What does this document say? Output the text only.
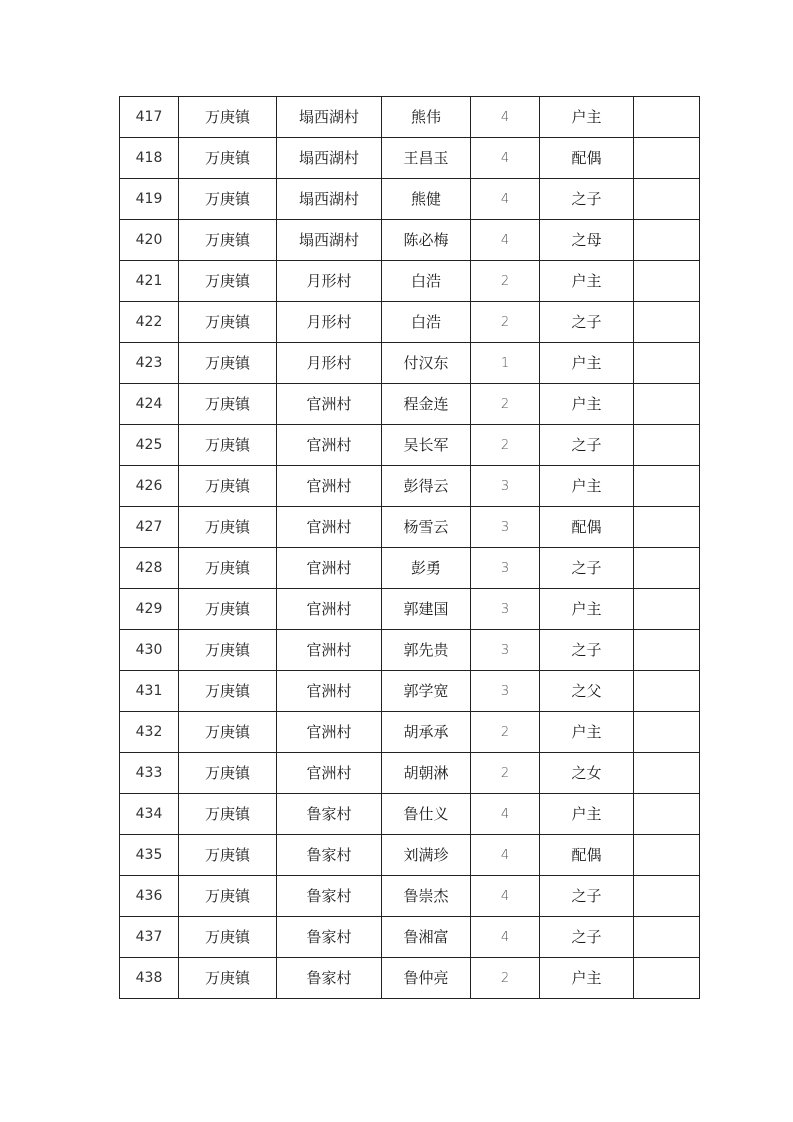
417	万庚镇	塌西湖村	熊伟	4	户主	
418	万庚镇	塌西湖村	王昌玉	4	配偶	
419	万庚镇	塌西湖村	熊健	4	之子	
420	万庚镇	塌西湖村	陈必梅	4	之母	
421	万庚镇	月形村	白浩	2	户主	
422	万庚镇	月形村	白浩	2	之子	
423	万庚镇	月形村	付汉东	1	户主	
424	万庚镇	官洲村	程金连	2	户主	
425	万庚镇	官洲村	吴长军	2	之子	
426	万庚镇	官洲村	彭得云	3	户主	
427	万庚镇	官洲村	杨雪云	3	配偶	
428	万庚镇	官洲村	彭勇	3	之子	
429	万庚镇	官洲村	郭建国	3	户主	
430	万庚镇	官洲村	郭先贵	3	之子	
431	万庚镇	官洲村	郭学宽	3	之父	
432	万庚镇	官洲村	胡承承	2	户主	
433	万庚镇	官洲村	胡朝淋	2	之女	
434	万庚镇	鲁家村	鲁仕义	4	户主	
435	万庚镇	鲁家村	刘满珍	4	配偶	
436	万庚镇	鲁家村	鲁崇杰	4	之子	
437	万庚镇	鲁家村	鲁湘富	4	之子	
438	万庚镇	鲁家村	鲁仲亮	2	户主	
